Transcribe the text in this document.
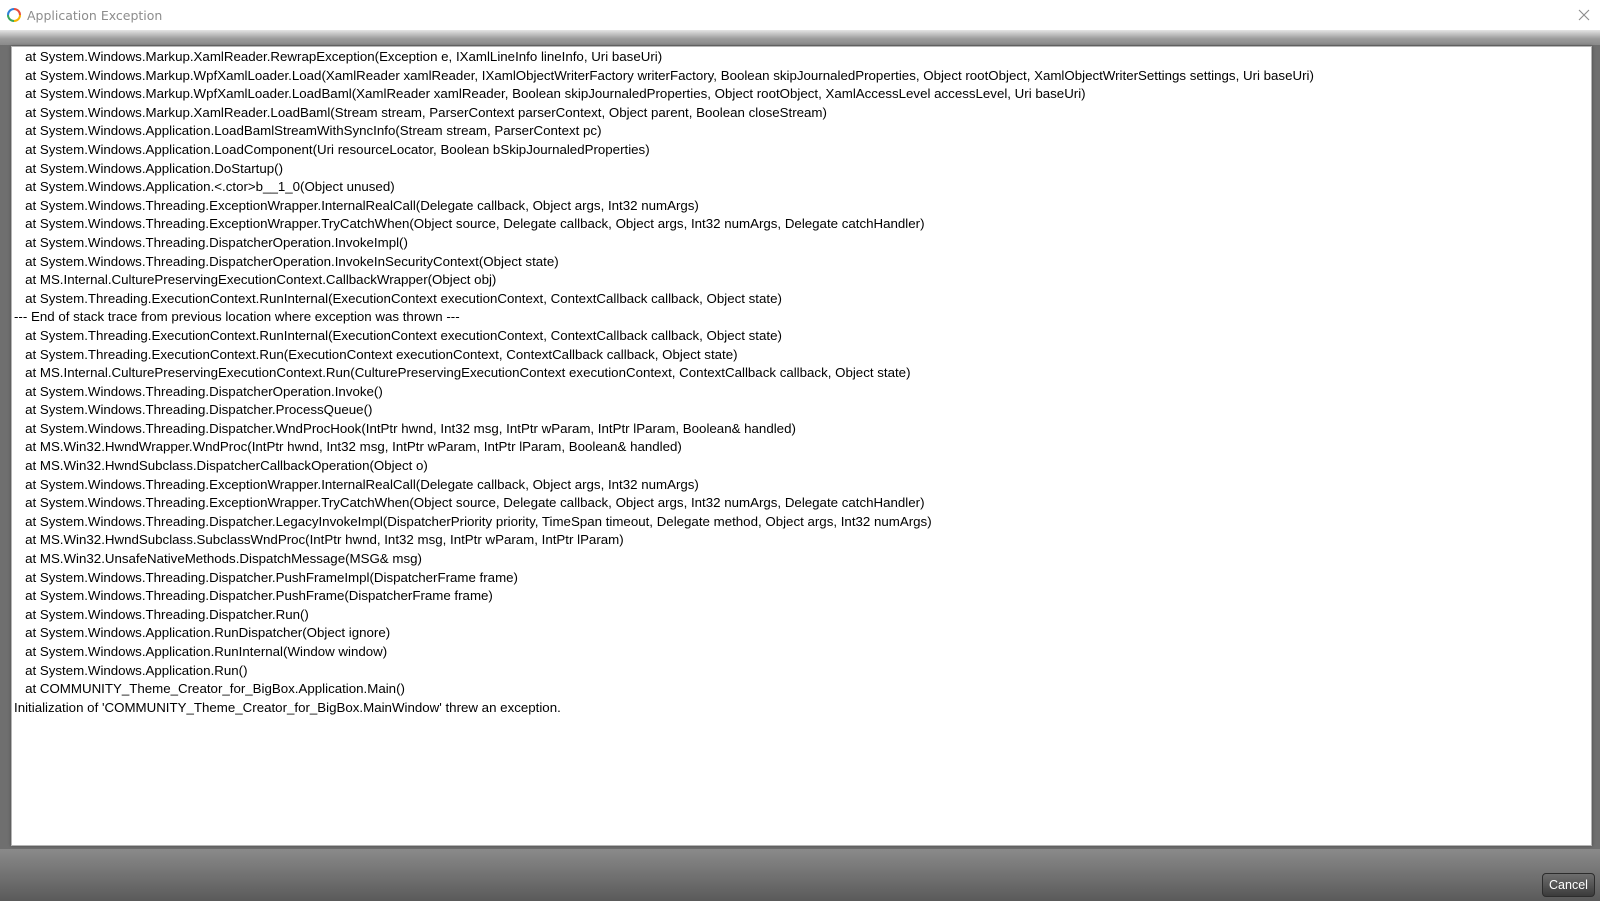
Application Exception
at System.Windows.Markup.XamlReader.RewrapException(Exception e, IXamlLineInfo lineInfo, Uri baseUri)
at System.Windows.Markup.WpfXamlLoader.Load(XamlReader xamlReader, IXamlObjectWriterFactory writerFactory, Boolean skipJournaledProperties, Object rootObject, XamlObjectWriterSettings settings, Uri baseUri)
at System.Windows.Markup.WpfXamlLoader.LoadBaml(XamlReader xamlReader, Boolean skipJournaledProperties, Object rootObject, XamlAccessLevel accessLevel, Uri baseUri)
at System.Windows.Markup.XamlReader.LoadBaml(Stream stream, ParserContext parserContext, Object parent, Boolean closeStream)
at System.Windows.Application.LoadBamlStreamWithSyncInfo(Stream stream, ParserContext pc)
at System.Windows.Application.LoadComponent(Uri resourceLocator, Boolean bSkipJournaledProperties)
at System.Windows.Application.DoStartup()
at System.Windows.Application.<.ctor>b__1_0(Object unused)
at System.Windows.Threading.ExceptionWrapper.InternalRealCall(Delegate callback, Object args, Int32 numArgs)
at System.Windows.Threading.ExceptionWrapper.TryCatchWhen(Object source, Delegate callback, Object args, Int32 numArgs, Delegate catchHandler)
at System.Windows.Threading.DispatcherOperation.InvokeImpl()
at System.Windows.Threading.DispatcherOperation.InvokeInSecurityContext(Object state)
at MS.Internal.CulturePreservingExecutionContext.CallbackWrapper(Object obj)
at System.Threading.ExecutionContext.RunInternal(ExecutionContext executionContext, ContextCallback callback, Object state)
--- End of stack trace from previous location where exception was thrown ---
at System.Threading.ExecutionContext.RunInternal(ExecutionContext executionContext, ContextCallback callback, Object state)
at System.Threading.ExecutionContext.Run(ExecutionContext executionContext, ContextCallback callback, Object state)
at MS.Internal.CulturePreservingExecutionContext.Run(CulturePreservingExecutionContext executionContext, ContextCallback callback, Object state)
at System.Windows.Threading.DispatcherOperation.Invoke()
at System.Windows.Threading.Dispatcher.ProcessQueue()
at System.Windows.Threading.Dispatcher.WndProcHook(IntPtr hwnd, Int32 msg, IntPtr wParam, IntPtr lParam, Boolean& handled)
at MS.Win32.HwndWrapper.WndProc(IntPtr hwnd, Int32 msg, IntPtr wParam, IntPtr lParam, Boolean& handled)
at MS.Win32.HwndSubclass.DispatcherCallbackOperation(Object o)
at System.Windows.Threading.ExceptionWrapper.InternalRealCall(Delegate callback, Object args, Int32 numArgs)
at System.Windows.Threading.ExceptionWrapper.TryCatchWhen(Object source, Delegate callback, Object args, Int32 numArgs, Delegate catchHandler)
at System.Windows.Threading.Dispatcher.LegacyInvokeImpl(DispatcherPriority priority, TimeSpan timeout, Delegate method, Object args, Int32 numArgs)
at MS.Win32.HwndSubclass.SubclassWndProc(IntPtr hwnd, Int32 msg, IntPtr wParam, IntPtr lParam)
at MS.Win32.UnsafeNativeMethods.DispatchMessage(MSG& msg)
at System.Windows.Threading.Dispatcher.PushFrameImpl(DispatcherFrame frame)
at System.Windows.Threading.Dispatcher.PushFrame(DispatcherFrame frame)
at System.Windows.Threading.Dispatcher.Run()
at System.Windows.Application.RunDispatcher(Object ignore)
at System.Windows.Application.RunInternal(Window window)
at System.Windows.Application.Run()
at COMMUNITY_Theme_Creator_for_BigBox.Application.Main()
Initialization of 'COMMUNITY_Theme_Creator_for_BigBox.MainWindow' threw an exception.
Cancel
